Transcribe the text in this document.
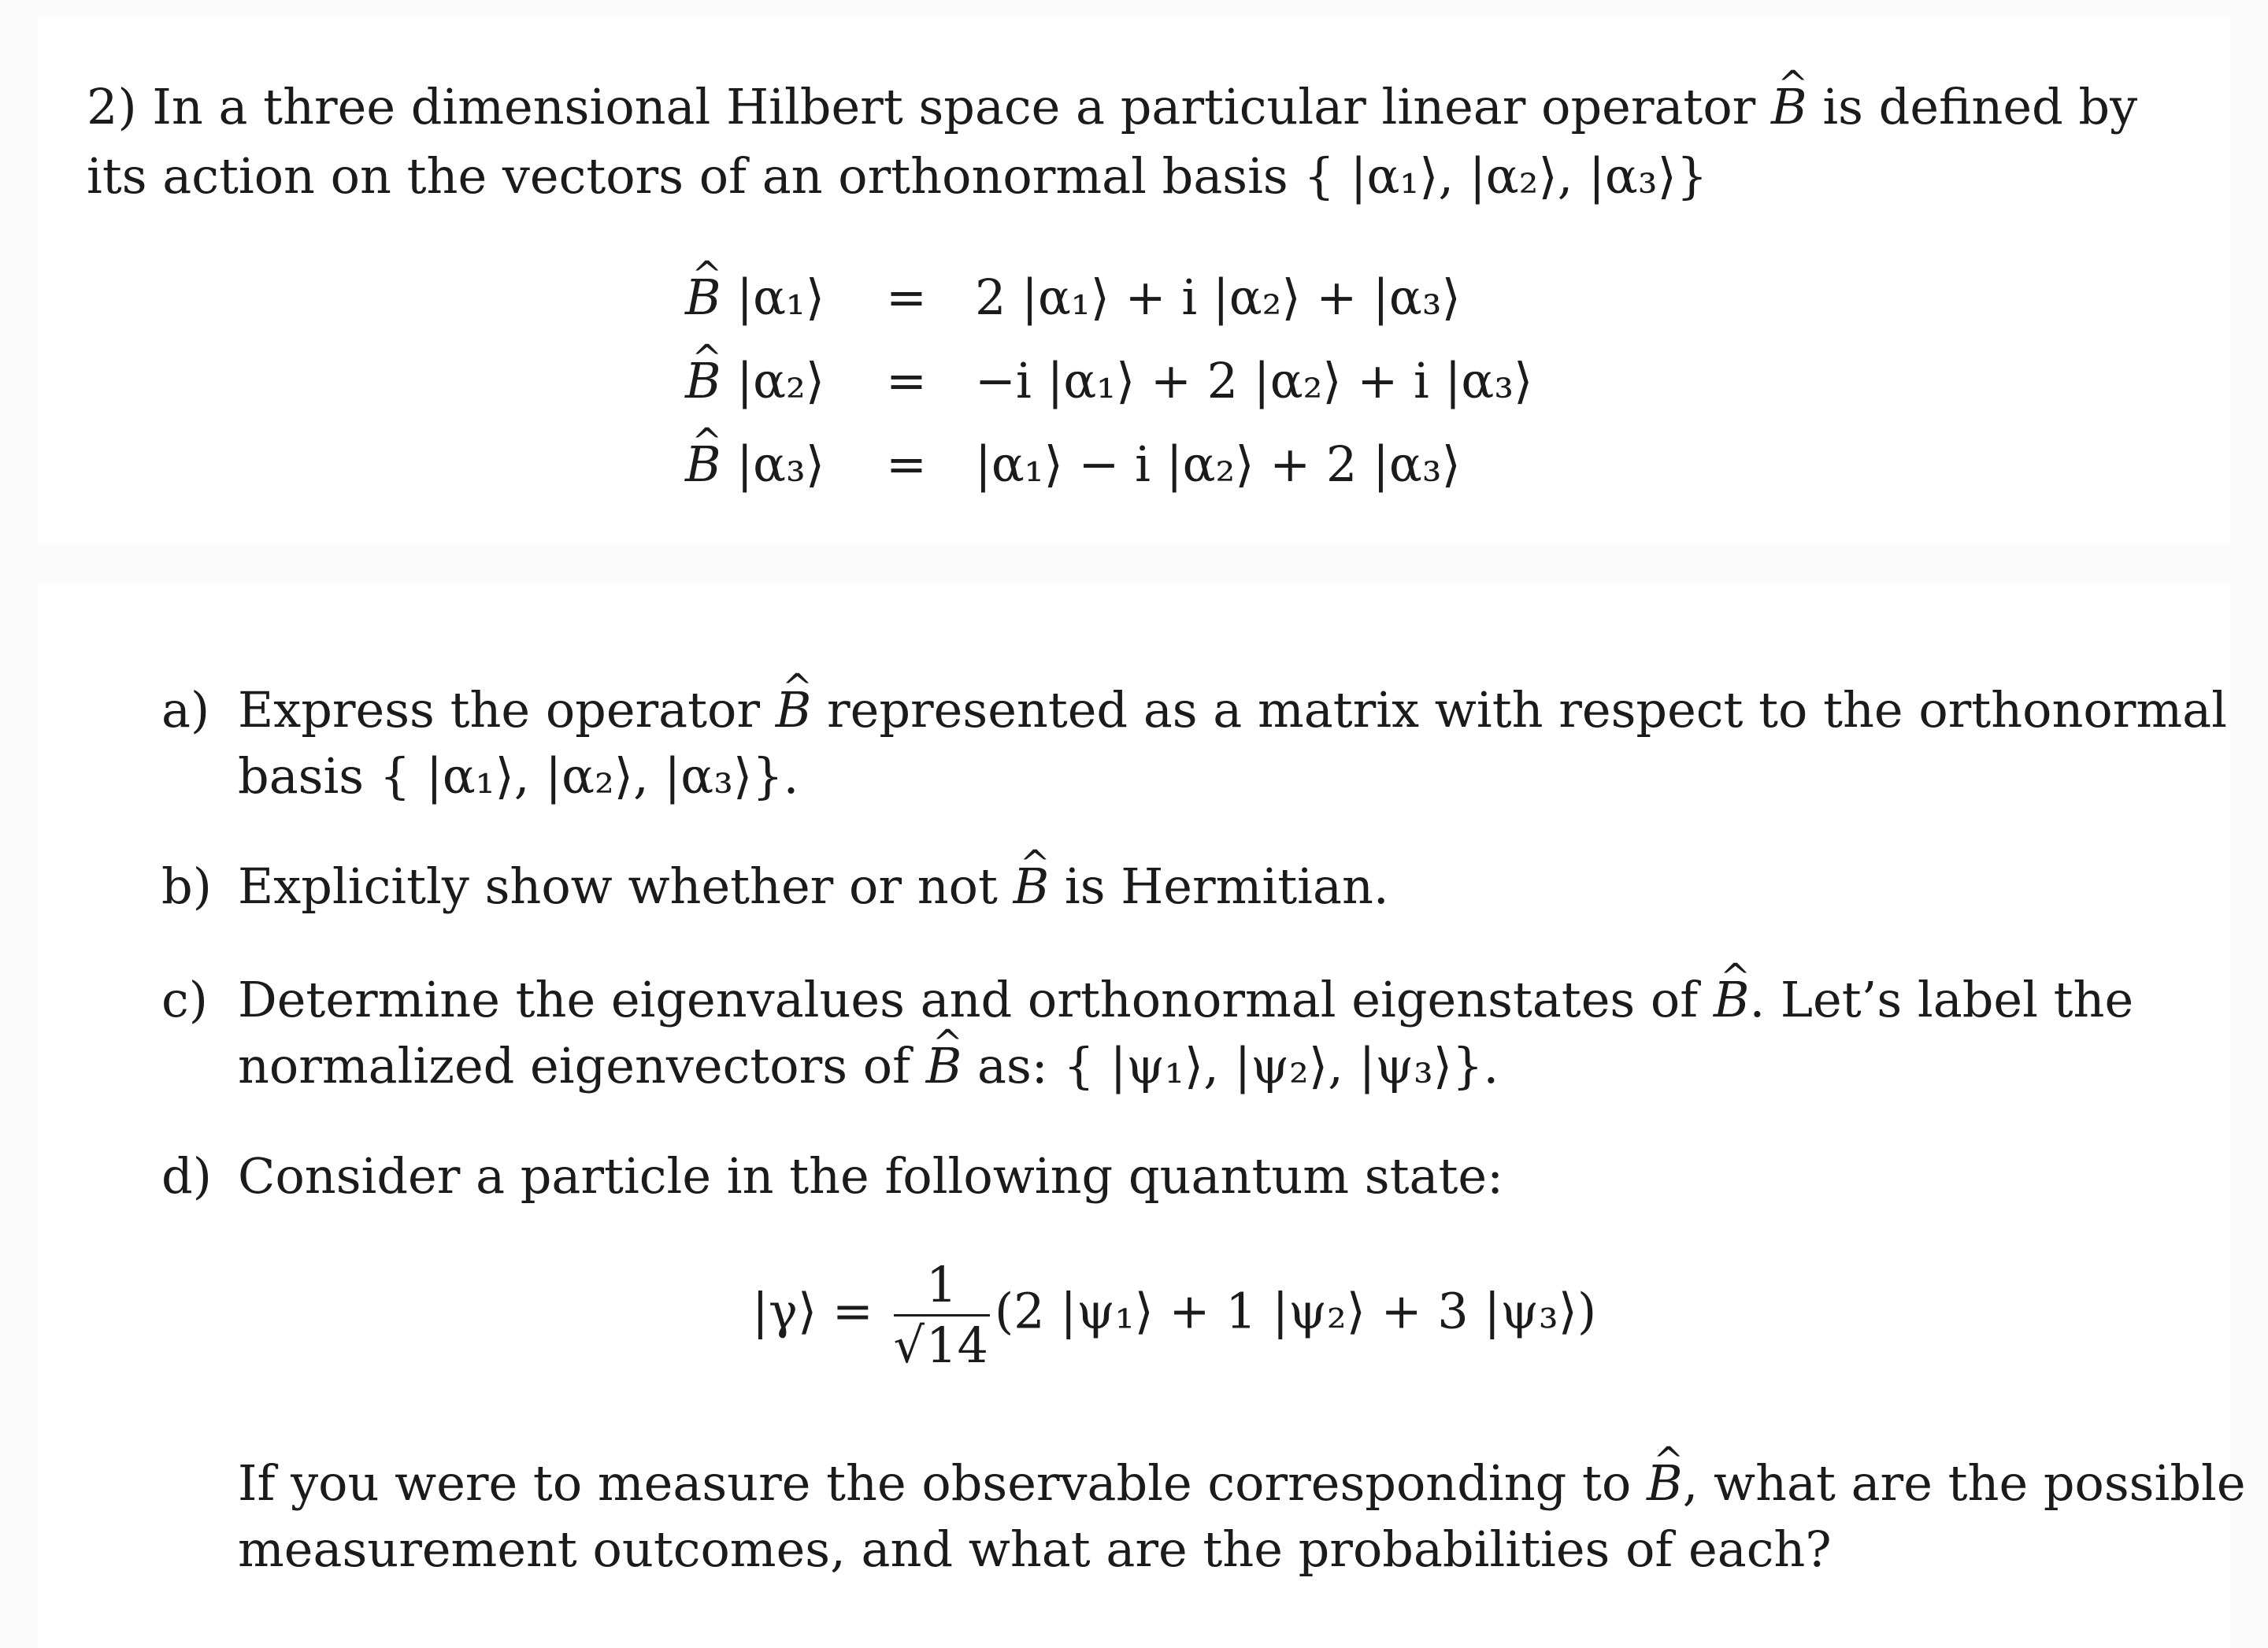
2) In a three dimensional Hilbert space a particular linear operator ^ B is defined by
its action on the vectors of an orthonormal basis { |α₁⟩, |α₂⟩, |α₃⟩}
^ B |α₁⟩ = 2 |α₁⟩ + i |α₂⟩ + |α₃⟩
^ B |α₂⟩ = −i |α₁⟩ + 2 |α₂⟩ + i |α₃⟩
^ B |α₃⟩ = |α₁⟩ − i |α₂⟩ + 2 |α₃⟩
a) Express the operator ^ B represented as a matrix with respect to the orthonormal
basis { |α₁⟩, |α₂⟩, |α₃⟩}.
b) Explicitly show whether or not ^ B is Hermitian.
c) Determine the eigenvalues and orthonormal eigenstates of ^ B. Let’s label the
normalized eigenvectors of ^ B as: { |ψ₁⟩, |ψ₂⟩, |ψ₃⟩}.
d) Consider a particle in the following quantum state:
|γ⟩ = $\frac{1}{√14} (2$ |ψ₁⟩ + 1 |ψ₂⟩ + 3 |ψ₃⟩)
If you were to measure the observable corresponding to ^ B, what are the possible
measurement outcomes, and what are the probabilities of each?
